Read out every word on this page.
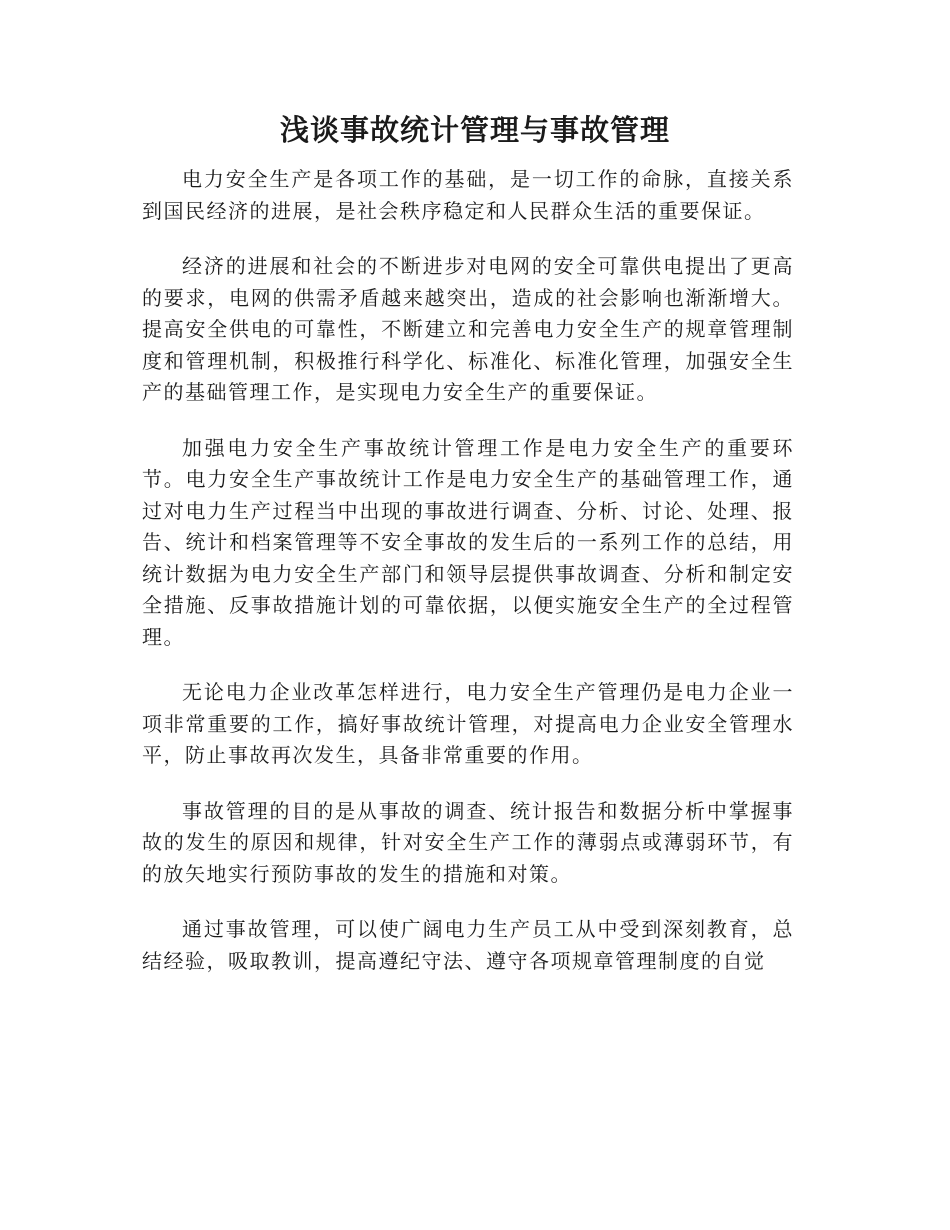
浅谈事故统计管理与事故管理

电力安全生产是各项工作的基础，是一切工作的命脉，直接关系到国民经济的进展，是社会秩序稳定和人民群众生活的重要保证。

经济的进展和社会的不断进步对电网的安全可靠供电提出了更高的要求，电网的供需矛盾越来越突出，造成的社会影响也渐渐增大。提高安全供电的可靠性，不断建立和完善电力安全生产的规章管理制度和管理机制，积极推行科学化、标准化、标准化管理，加强安全生产的基础管理工作，是实现电力安全生产的重要保证。

加强电力安全生产事故统计管理工作是电力安全生产的重要环节。电力安全生产事故统计工作是电力安全生产的基础管理工作，通过对电力生产过程当中出现的事故进行调查、分析、讨论、处理、报告、统计和档案管理等不安全事故的发生后的一系列工作的总结，用统计数据为电力安全生产部门和领导层提供事故调查、分析和制定安全措施、反事故措施计划的可靠依据，以便实施安全生产的全过程管理。

无论电力企业改革怎样进行，电力安全生产管理仍是电力企业一项非常重要的工作，搞好事故统计管理，对提高电力企业安全管理水平，防止事故再次发生，具备非常重要的作用。

事故管理的目的是从事故的调查、统计报告和数据分析中掌握事故的发生的原因和规律，针对安全生产工作的薄弱点或薄弱环节，有的放矢地实行预防事故的发生的措施和对策。

通过事故管理，可以使广阔电力生产员工从中受到深刻教育，总结经验，吸取教训，提高遵纪守法、遵守各项规章管理制度的自觉
